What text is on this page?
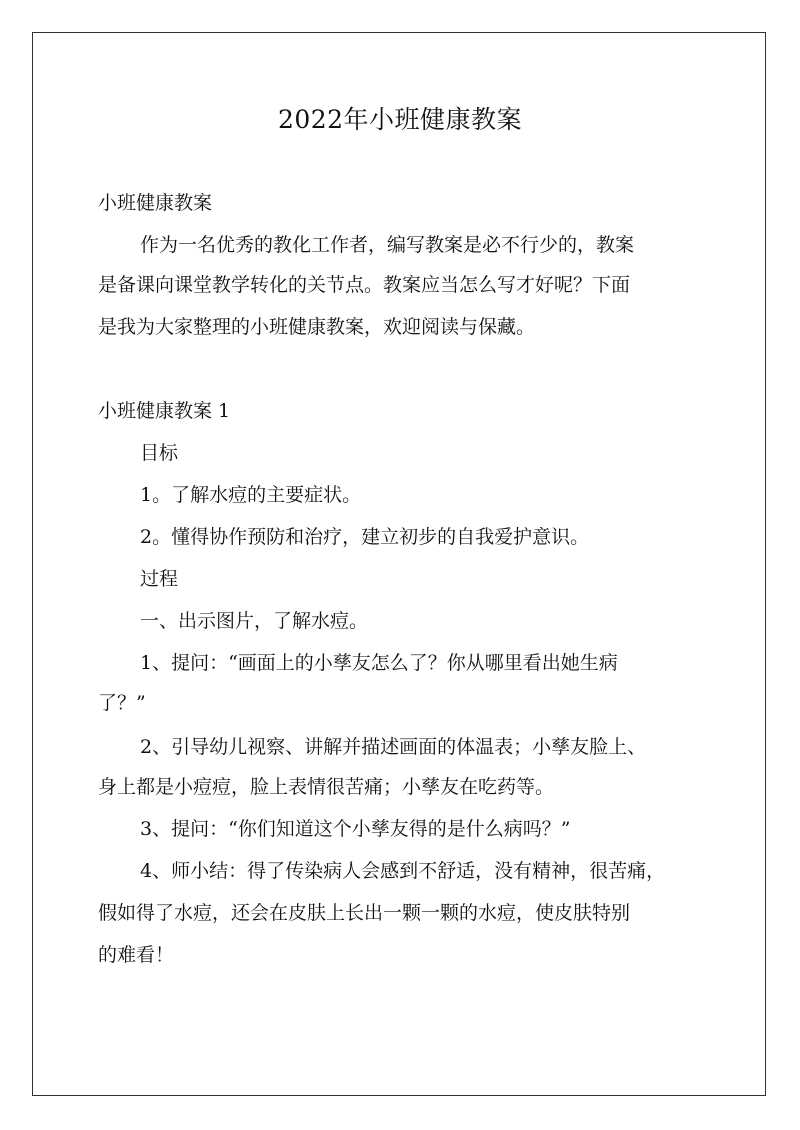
2022年小班健康教案
小班健康教案
作为一名优秀的教化工作者，编写教案是必不行少的，教案
是备课向课堂教学转化的关节点。教案应当怎么写才好呢？下面
是我为大家整理的小班健康教案，欢迎阅读与保藏。
小班健康教案 1
目标
1。了解水痘的主要症状。
2。懂得协作预防和治疗，建立初步的自我爱护意识。
过程
一、出示图片，了解水痘。
1、提问：“画面上的小孳友怎么了？你从哪里看出她生病
了？”
2、引导幼儿视察、讲解并描述画面的体温表；小孳友脸上、
身上都是小痘痘，脸上表情很苦痛；小孳友在吃药等。
3、提问：“你们知道这个小孳友得的是什么病吗？”
4、师小结：得了传染病人会感到不舒适，没有精神，很苦痛，
假如得了水痘，还会在皮肤上长出一颗一颗的水痘，使皮肤特别
的难看！
